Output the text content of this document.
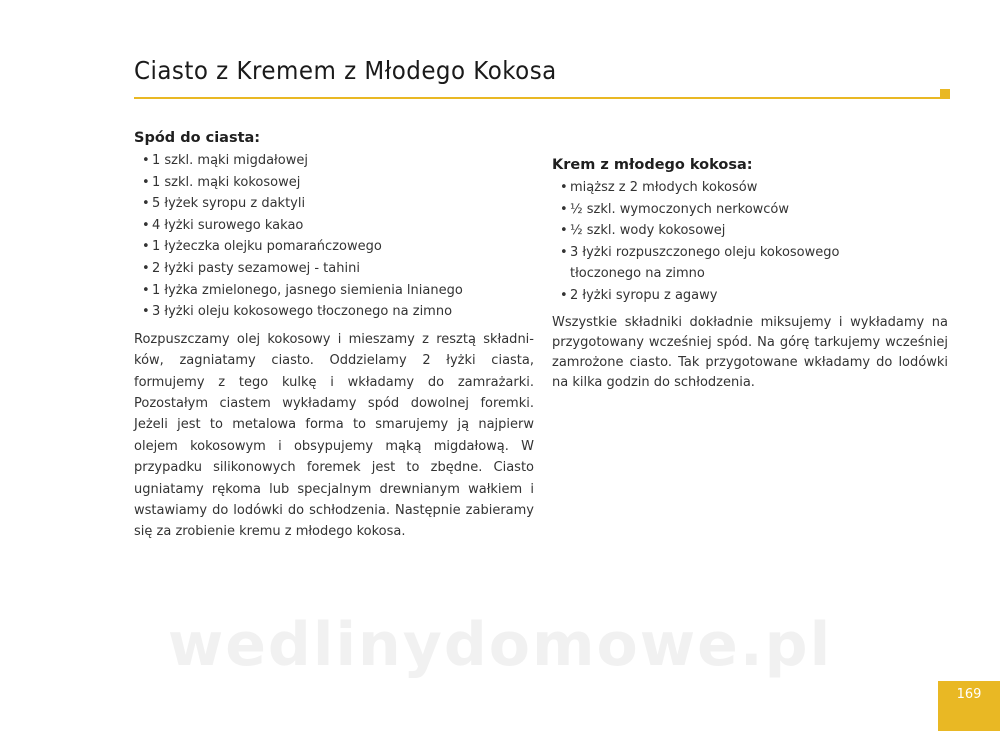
Ciasto z Kremem z Młodego Kokosa
Spód do ciasta:
• 1 szkl. mąki migdałowej
• 1 szkl. mąki kokosowej
• 5 łyżek syropu z daktyli
• 4 łyżki surowego kakao
• 1 łyżeczka olejku pomarańczowego
• 2 łyżki pasty sezamowej - tahini
• 1 łyżka zmielonego, jasnego siemienia lnianego
• 3 łyżki oleju kokosowego tłoczonego na zimno

Rozpuszczamy olej kokosowy i mieszamy z resztą składników, zagniatamy ciasto. Oddzielamy 2 łyżki ciasta, formujemy z tego kulkę i wkładamy do zamrażarki. Pozostałym ciastem wykładamy spód dowolnej foremki. Jeżeli jest to metalowa forma to smarujemy ją najpierw olejem kokosowym i obsypujemy mąką migdałową. W przypadku silikonowych foremek jest to zbędne. Ciasto ugniatamy rękoma lub specjalnym drewnianym wałkiem i wstawiamy do lodówki do schłodzenia. Następnie zabieramy się za zrobienie kremu z młodego kokosa.

Krem z młodego kokosa:
• miąższ z 2 młodych kokosów
• ½ szkl. wymoczonych nerkowców
• ½ szkl. wody kokosowej
• 3 łyżki rozpuszczonego oleju kokosowego tłoczonego na zimno
• 2 łyżki syropu z agawy

Wszystkie składniki dokładnie miksujemy i wykładamy na przygotowany wcześniej spód. Na górę tarkujemy wcześniej zamrożone ciasto. Tak przygotowane wkładamy do lodówki na kilka godzin do schłodzenia.

wedlinydomowe.pl
169
